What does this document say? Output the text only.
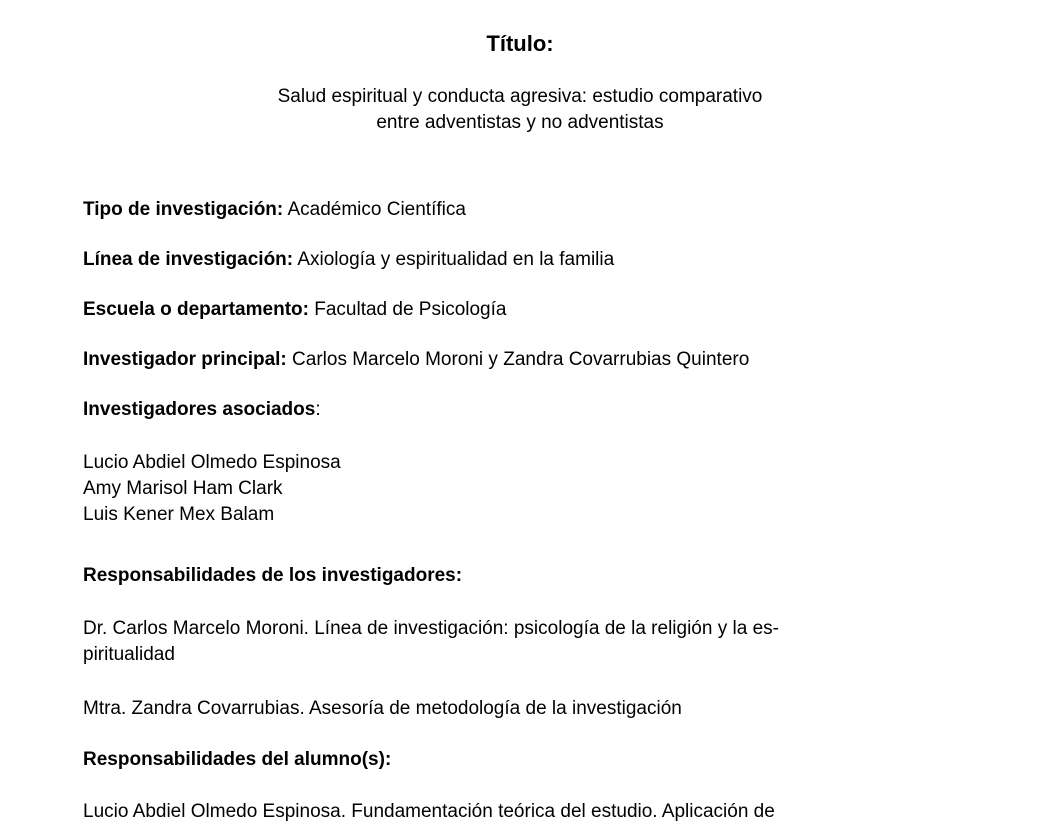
Título:
Salud espiritual y conducta agresiva: estudio comparativo
entre adventistas y no adventistas
Tipo de investigación: Académico Científica
Línea de investigación: Axiología y espiritualidad en la familia
Escuela o departamento: Facultad de Psicología
Investigador principal: Carlos Marcelo Moroni y Zandra Covarrubias Quintero
Investigadores asociados:
Lucio Abdiel Olmedo Espinosa
Amy Marisol Ham Clark
Luis Kener Mex Balam
Responsabilidades de los investigadores:
Dr. Carlos Marcelo Moroni. Línea de investigación: psicología de la religión y la es-
piritualidad
Mtra. Zandra Covarrubias. Asesoría de metodología de la investigación
Responsabilidades del alumno(s):
Lucio Abdiel Olmedo Espinosa. Fundamentación teórica del estudio. Aplicación de
